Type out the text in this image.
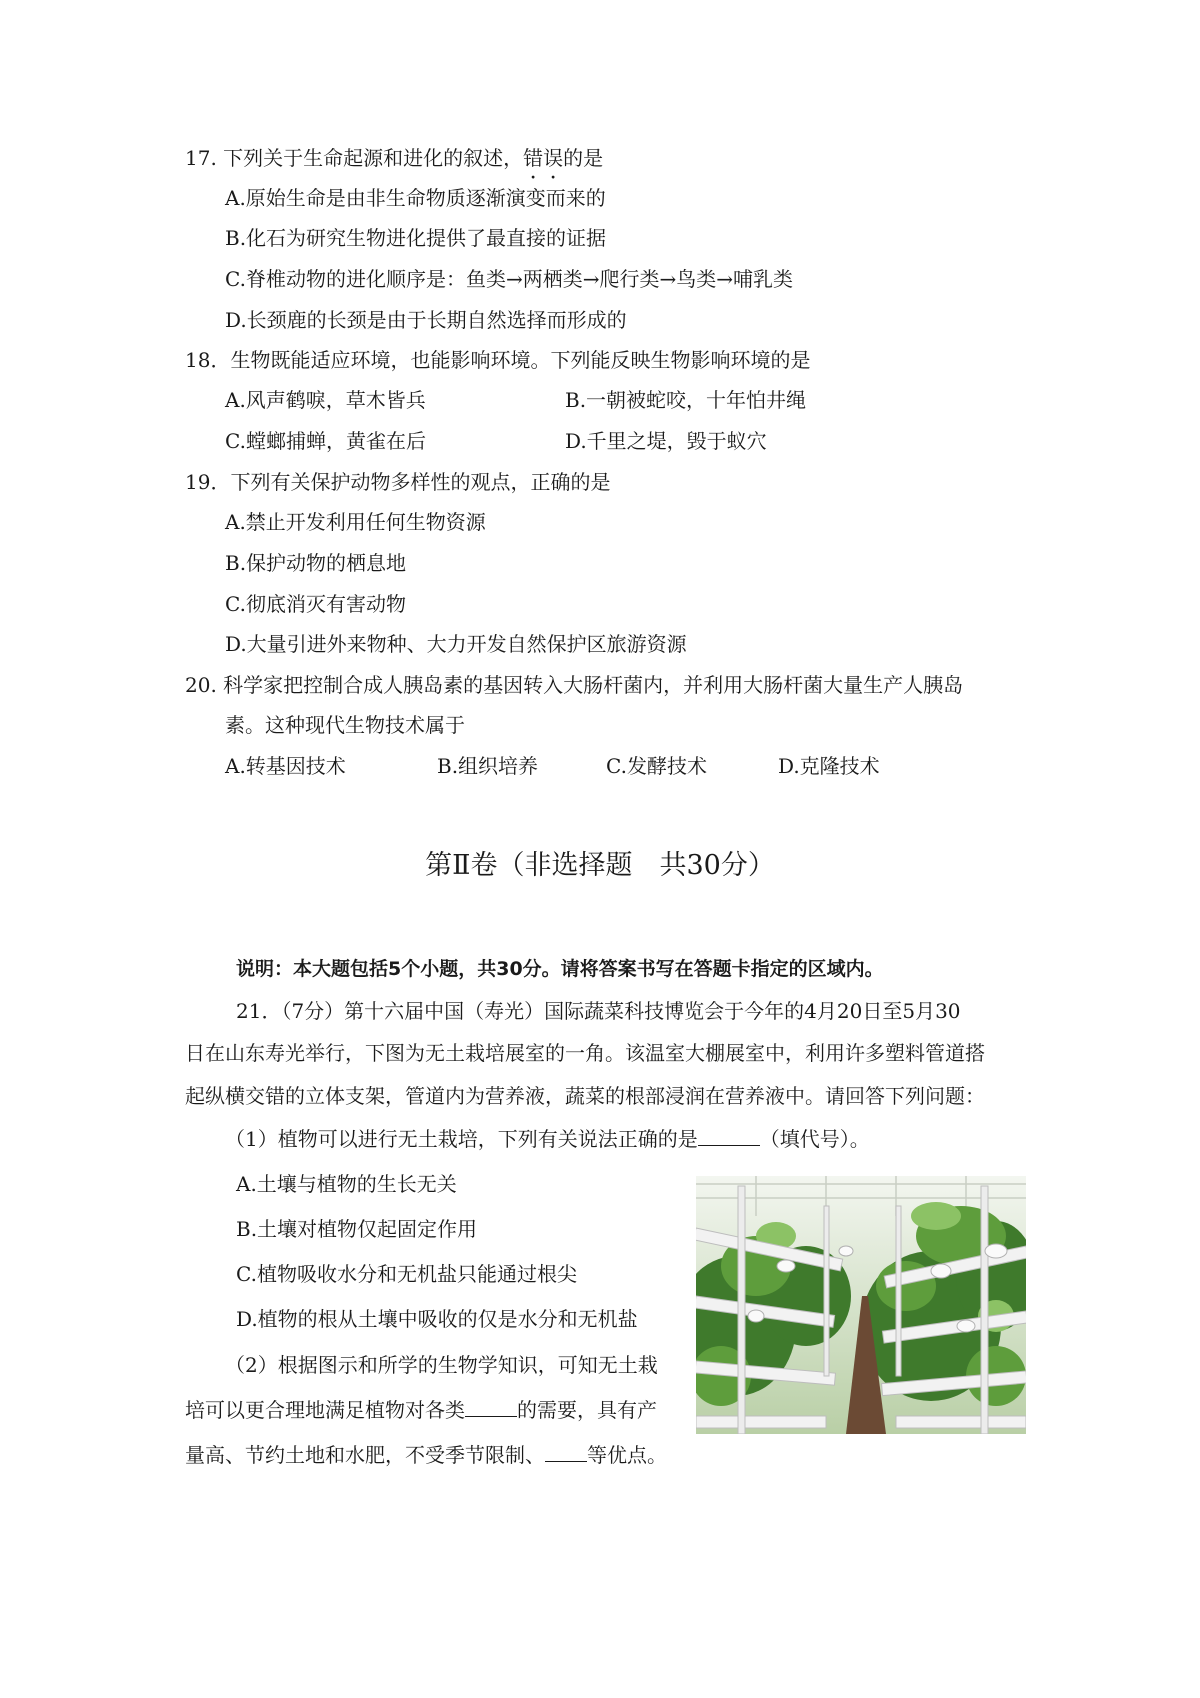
17. 下列关于生命起源和进化的叙述，错误的是
A.原始生命是由非生命物质逐渐演变而来的
B.化石为研究生物进化提供了最直接的证据
C.脊椎动物的进化顺序是：鱼类→两栖类→爬行类→鸟类→哺乳类
D.长颈鹿的长颈是由于长期自然选择而形成的
18．生物既能适应环境，也能影响环境。下列能反映生物影响环境的是
A.风声鹤唳，草木皆兵	B.一朝被蛇咬，十年怕井绳
C.螳螂捕蝉，黄雀在后	D.千里之堤，毁于蚁穴
19．下列有关保护动物多样性的观点，正确的是
A.禁止开发利用任何生物资源
B.保护动物的栖息地
C.彻底消灭有害动物
D.大量引进外来物种、大力开发自然保护区旅游资源
20. 科学家把控制合成人胰岛素的基因转入大肠杆菌内，并利用大肠杆菌大量生产人胰岛
素。这种现代生物技术属于
A.转基因技术	B.组织培养	C.发酵技术	D.克隆技术
第Ⅱ卷（非选择题　共30分）
说明：本大题包括5个小题，共30分。请将答案书写在答题卡指定的区域内。
21．（7分）第十六届中国（寿光）国际蔬菜科技博览会于今年的4月20日至5月30
日在山东寿光举行，下图为无土栽培展室的一角。该温室大棚展室中，利用许多塑料管道搭
起纵横交错的立体支架，管道内为营养液，蔬菜的根部浸润在营养液中。请回答下列问题：
（1）植物可以进行无土栽培，下列有关说法正确的是	（填代号）。
A.土壤与植物的生长无关
B.土壤对植物仅起固定作用
C.植物吸收水分和无机盐只能通过根尖
D.植物的根从土壤中吸收的仅是水分和无机盐
（2）根据图示和所学的生物学知识，可知无土栽
培可以更合理地满足植物对各类	的需要，具有产
量高、节约土地和水肥，不受季节限制、 等优点。
